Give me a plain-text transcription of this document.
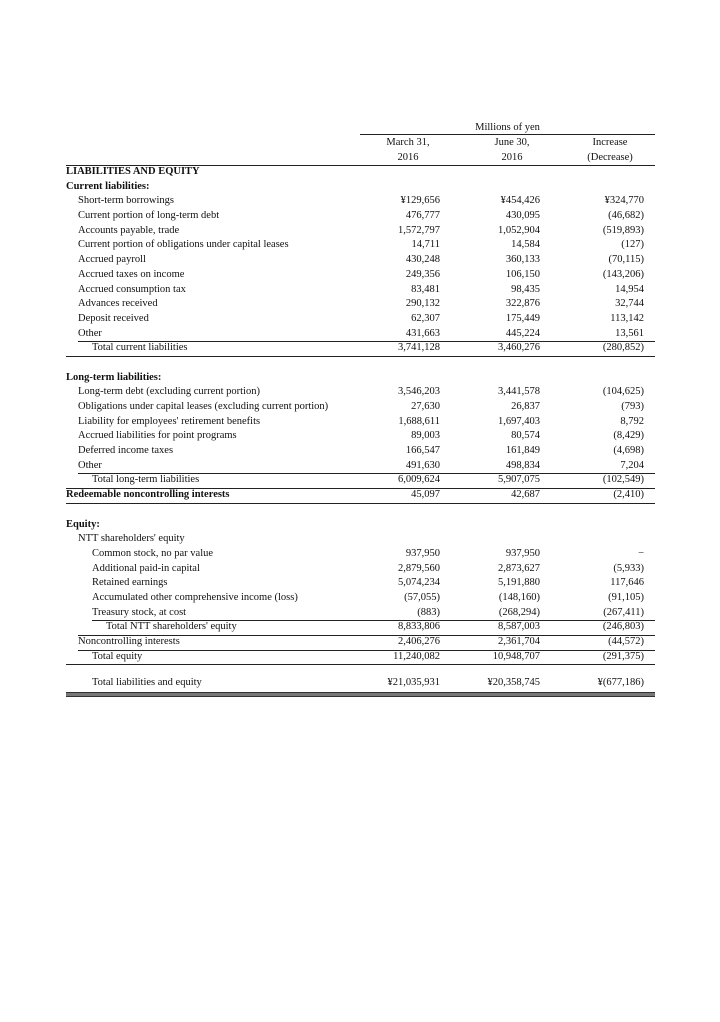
Millions of yen
March 31,	June 30,	Increase
2016	2016	(Decrease)
LIABILITIES AND EQUITY
Current liabilities:
Short-term borrowings	¥129,656	¥454,426	¥324,770
Current portion of long-term debt	476,777	430,095	(46,682)
Accounts payable, trade	1,572,797	1,052,904	(519,893)
Current portion of obligations under capital leases	14,711	14,584	(127)
Accrued payroll	430,248	360,133	(70,115)
Accrued taxes on income	249,356	106,150	(143,206)
Accrued consumption tax	83,481	98,435	14,954
Advances received	290,132	322,876	32,744
Deposit received	62,307	175,449	113,142
Other	431,663	445,224	13,561
Total current liabilities	3,741,128	3,460,276	(280,852)
Long-term liabilities:
Long-term debt (excluding current portion)	3,546,203	3,441,578	(104,625)
Obligations under capital leases (excluding current portion)	27,630	26,837	(793)
Liability for employees' retirement benefits	1,688,611	1,697,403	8,792
Accrued liabilities for point programs	89,003	80,574	(8,429)
Deferred income taxes	166,547	161,849	(4,698)
Other	491,630	498,834	7,204
Total long-term liabilities	6,009,624	5,907,075	(102,549)
Redeemable noncontrolling interests	45,097	42,687	(2,410)
Equity:
NTT shareholders' equity
Common stock, no par value	937,950	937,950	−
Additional paid-in capital	2,879,560	2,873,627	(5,933)
Retained earnings	5,074,234	5,191,880	117,646
Accumulated other comprehensive income (loss)	(57,055)	(148,160)	(91,105)
Treasury stock, at cost	(883)	(268,294)	(267,411)
Total NTT shareholders' equity	8,833,806	8,587,003	(246,803)
Noncontrolling interests	2,406,276	2,361,704	(44,572)
Total equity	11,240,082	10,948,707	(291,375)
Total liabilities and equity	¥21,035,931	¥20,358,745	¥(677,186)
